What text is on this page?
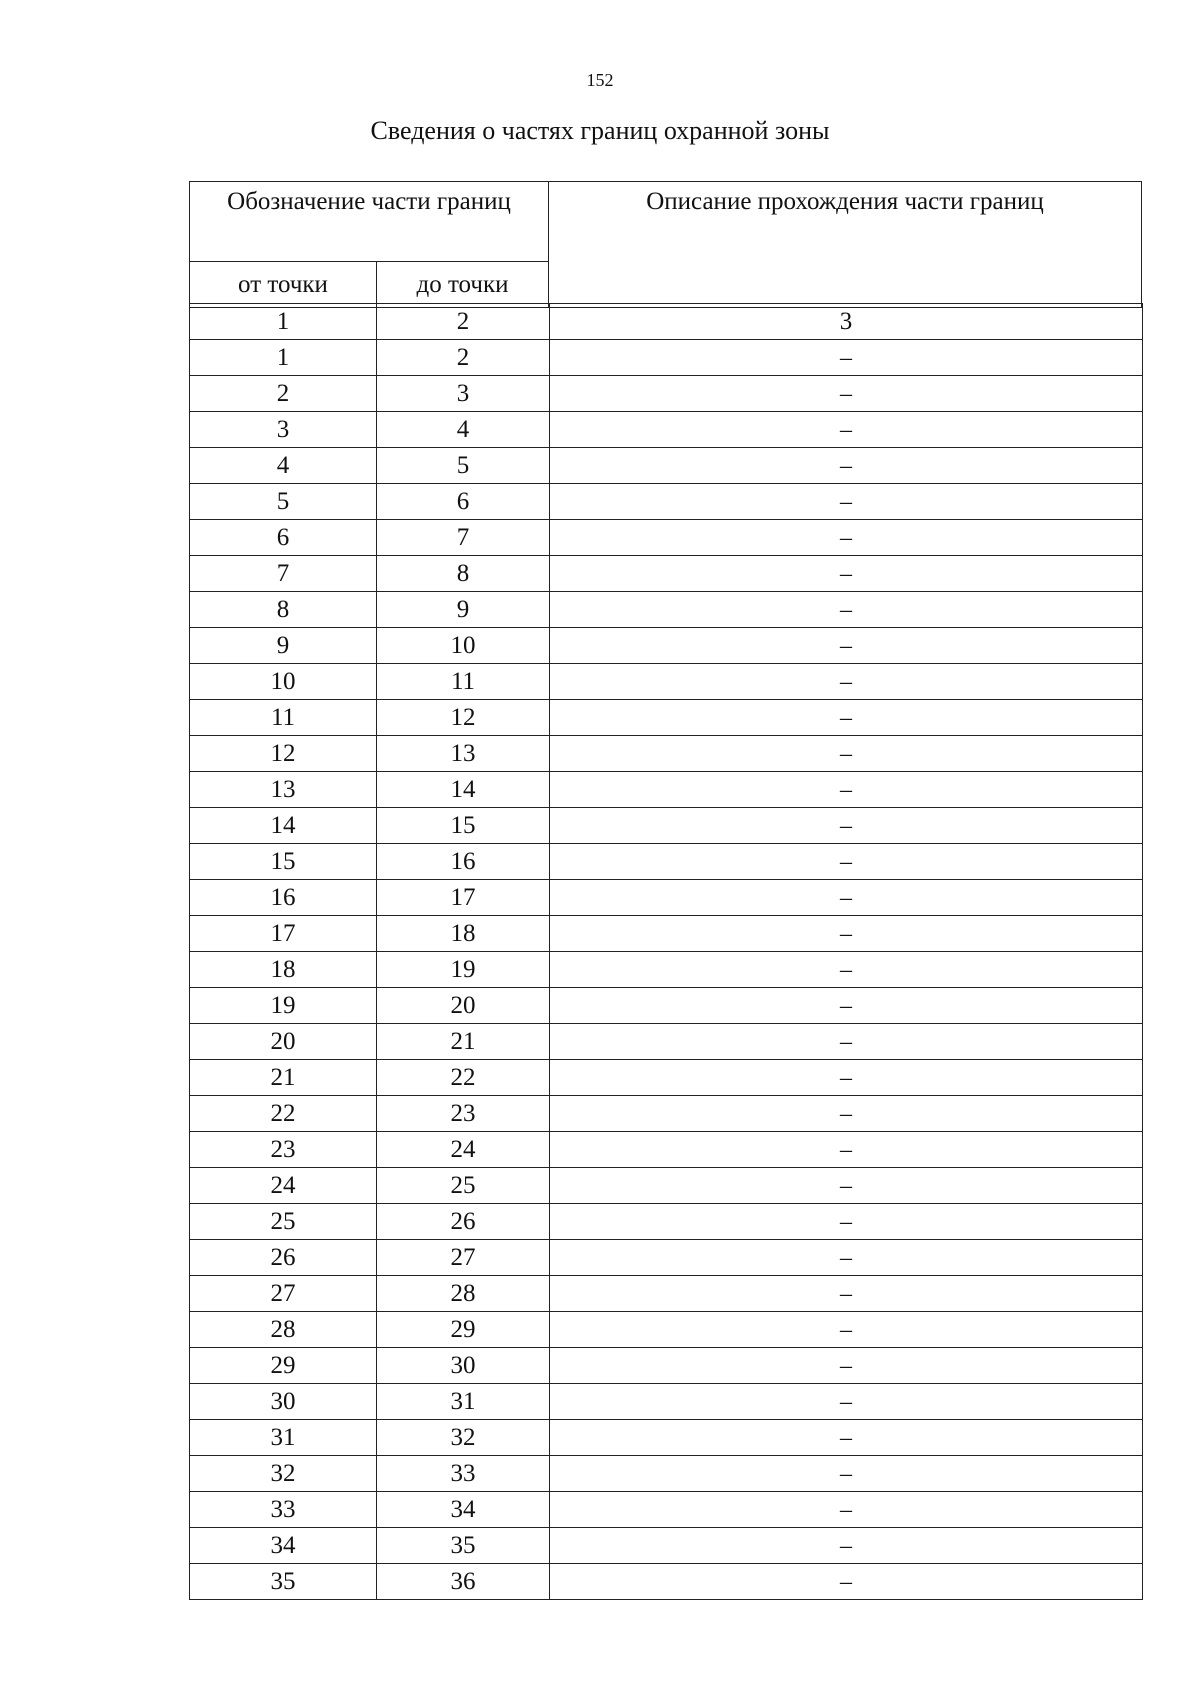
152
Сведения о частях границ охранной зоны
Обозначение части границ		Описание прохождения части границ
от точки	до точки	
1	2	3
1	2	–
2	3	–
3	4	–
4	5	–
5	6	–
6	7	–
7	8	–
8	9	–
9	10	–
10	11	–
11	12	–
12	13	–
13	14	–
14	15	–
15	16	–
16	17	–
17	18	–
18	19	–
19	20	–
20	21	–
21	22	–
22	23	–
23	24	–
24	25	–
25	26	–
26	27	–
27	28	–
28	29	–
29	30	–
30	31	–
31	32	–
32	33	–
33	34	–
34	35	–
35	36	–
